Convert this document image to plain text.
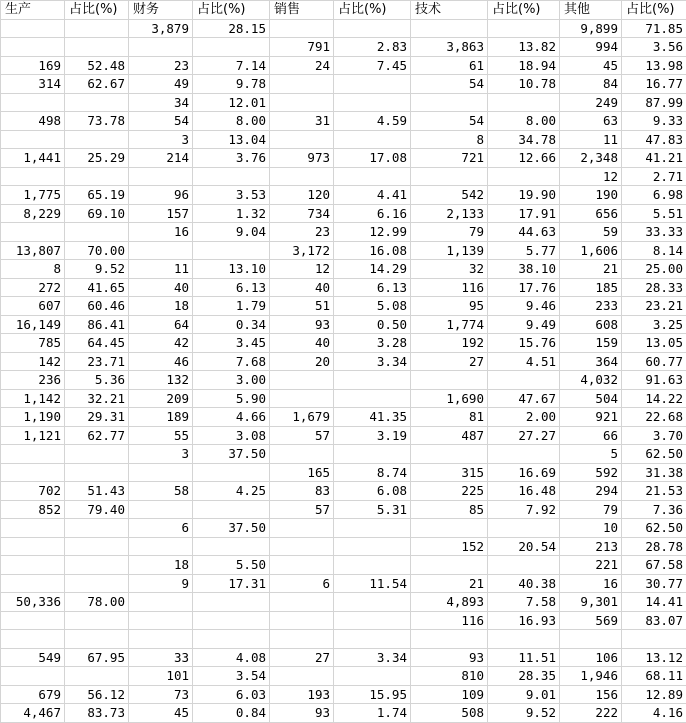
生产	占比(%)	财务	占比(%)	销售	占比(%)	技术	占比(%)	其他	占比(%)
		3,879	28.15					9,899	71.85
				791	2.83	3,863	13.82	994	3.56
169	52.48	23	7.14	24	7.45	61	18.94	45	13.98
314	62.67	49	9.78			54	10.78	84	16.77
		34	12.01					249	87.99
498	73.78	54	8.00	31	4.59	54	8.00	63	9.33
		3	13.04			8	34.78	11	47.83
1,441	25.29	214	3.76	973	17.08	721	12.66	2,348	41.21
								12	2.71
1,775	65.19	96	3.53	120	4.41	542	19.90	190	6.98
8,229	69.10	157	1.32	734	6.16	2,133	17.91	656	5.51
		16	9.04	23	12.99	79	44.63	59	33.33
13,807	70.00			3,172	16.08	1,139	5.77	1,606	8.14
8	9.52	11	13.10	12	14.29	32	38.10	21	25.00
272	41.65	40	6.13	40	6.13	116	17.76	185	28.33
607	60.46	18	1.79	51	5.08	95	9.46	233	23.21
16,149	86.41	64	0.34	93	0.50	1,774	9.49	608	3.25
785	64.45	42	3.45	40	3.28	192	15.76	159	13.05
142	23.71	46	7.68	20	3.34	27	4.51	364	60.77
236	5.36	132	3.00					4,032	91.63
1,142	32.21	209	5.90			1,690	47.67	504	14.22
1,190	29.31	189	4.66	1,679	41.35	81	2.00	921	22.68
1,121	62.77	55	3.08	57	3.19	487	27.27	66	3.70
		3	37.50					5	62.50
				165	8.74	315	16.69	592	31.38
702	51.43	58	4.25	83	6.08	225	16.48	294	21.53
852	79.40			57	5.31	85	7.92	79	7.36
		6	37.50					10	62.50
						152	20.54	213	28.78
		18	5.50					221	67.58
		9	17.31	6	11.54	21	40.38	16	30.77
50,336	78.00					4,893	7.58	9,301	14.41
						116	16.93	569	83.07

549	67.95	33	4.08	27	3.34	93	11.51	106	13.12
		101	3.54			810	28.35	1,946	68.11
679	56.12	73	6.03	193	15.95	109	9.01	156	12.89
4,467	83.73	45	0.84	93	1.74	508	9.52	222	4.16
